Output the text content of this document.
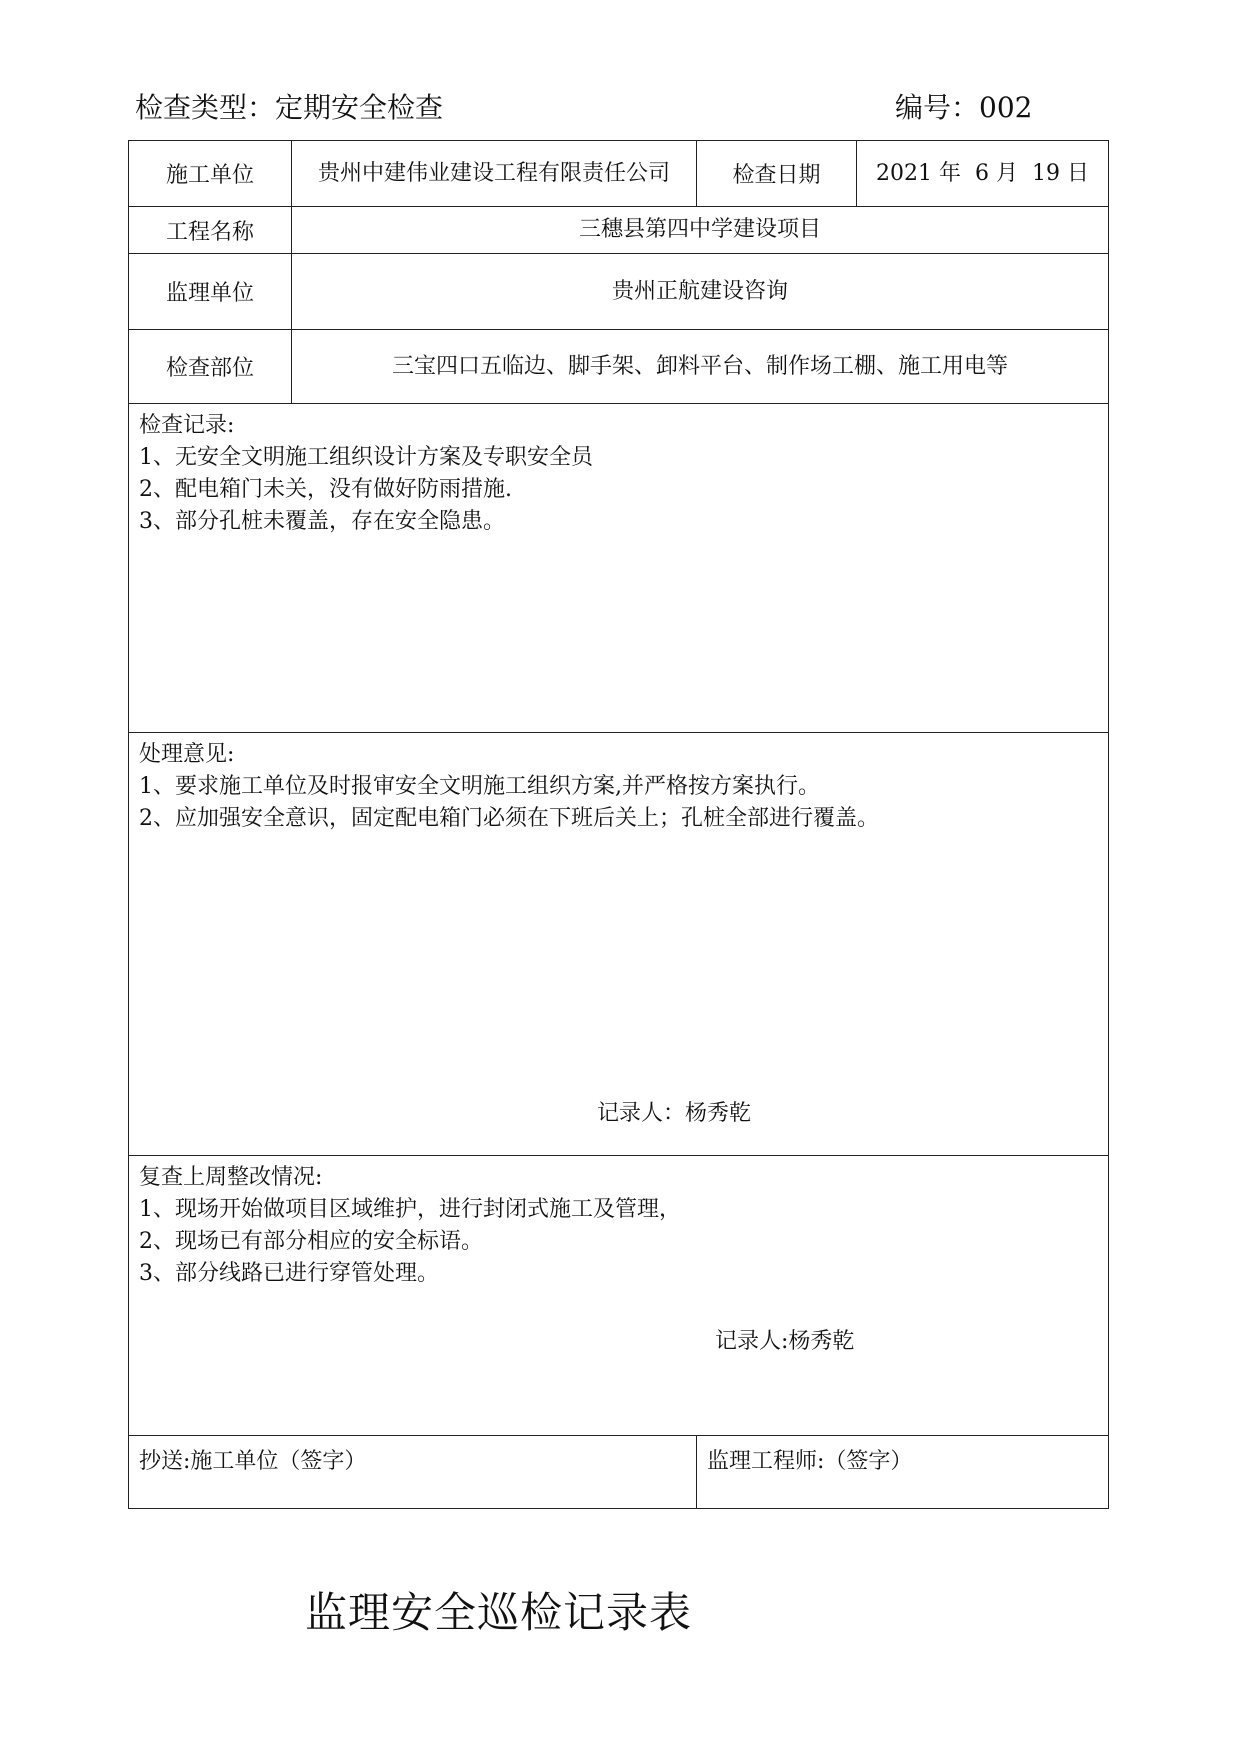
检查类型：定期安全检查	编号：002
施工单位	贵州中建伟业建设工程有限责任公司	检查日期	2021 年  6 月  19 日
工程名称	三穗县第四中学建设项目		
监理单位	贵州正航建设咨询		
检查部位	三宝四口五临边、脚手架、卸料平台、制作场工棚、施工用电等		

检查记录:
1、无安全文明施工组织设计方案及专职安全员
2、配电箱门未关，没有做好防雨措施.
3、部分孔桩未覆盖，存在安全隐患。			

处理意见:
1、要求施工单位及时报审安全文明施工组织方案,并严格按方案执行。
2、应加强安全意识，固定配电箱门必须在下班后关上；孔桩全部进行覆盖。			

复查上周整改情况:
1、现场开始做项目区域维护，进行封闭式施工及管理，
2、现场已有部分相应的安全标语。
3、部分线路已进行穿管处理。			

抄送:施工单位（签字）		监理工程师:（签字）	
记录人：杨秀乾
记录人:杨秀乾
监理安全巡检记录表
